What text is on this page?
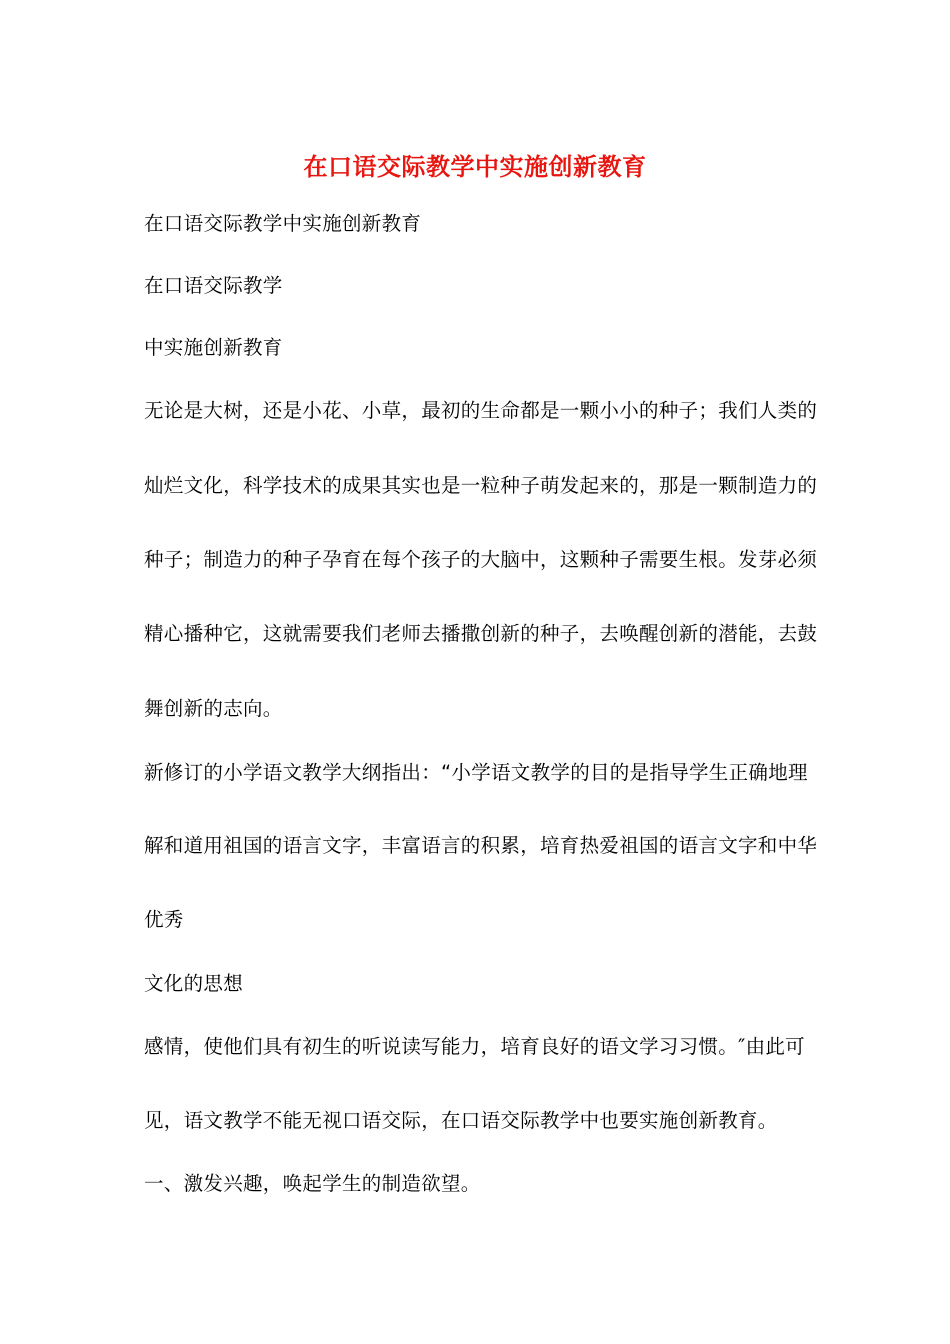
在口语交际教学中实施创新教育
在口语交际教学中实施创新教育
在口语交际教学
中实施创新教育
无论是大树，还是小花、小草，最初的生命都是一颗小小的种子；我们人类的
灿烂文化，科学技术的成果其实也是一粒种子萌发起来的，那是一颗制造力的
种子；制造力的种子孕育在每个孩子的大脑中，这颗种子需要生根。发芽必须
精心播种它，这就需要我们老师去播撒创新的种子，去唤醒创新的潜能，去鼓
舞创新的志向。
新修订的小学语文教学大纲指出：“小学语文教学的目的是指导学生正确地理
解和道用祖国的语言文字，丰富语言的积累，培育热爱祖国的语言文字和中华
优秀
文化的思想
感情，使他们具有初生的听说读写能力，培育良好的语文学习习惯。″由此可
见，语文教学不能无视口语交际，在口语交际教学中也要实施创新教育。
一、激发兴趣，唤起学生的制造欲望。
